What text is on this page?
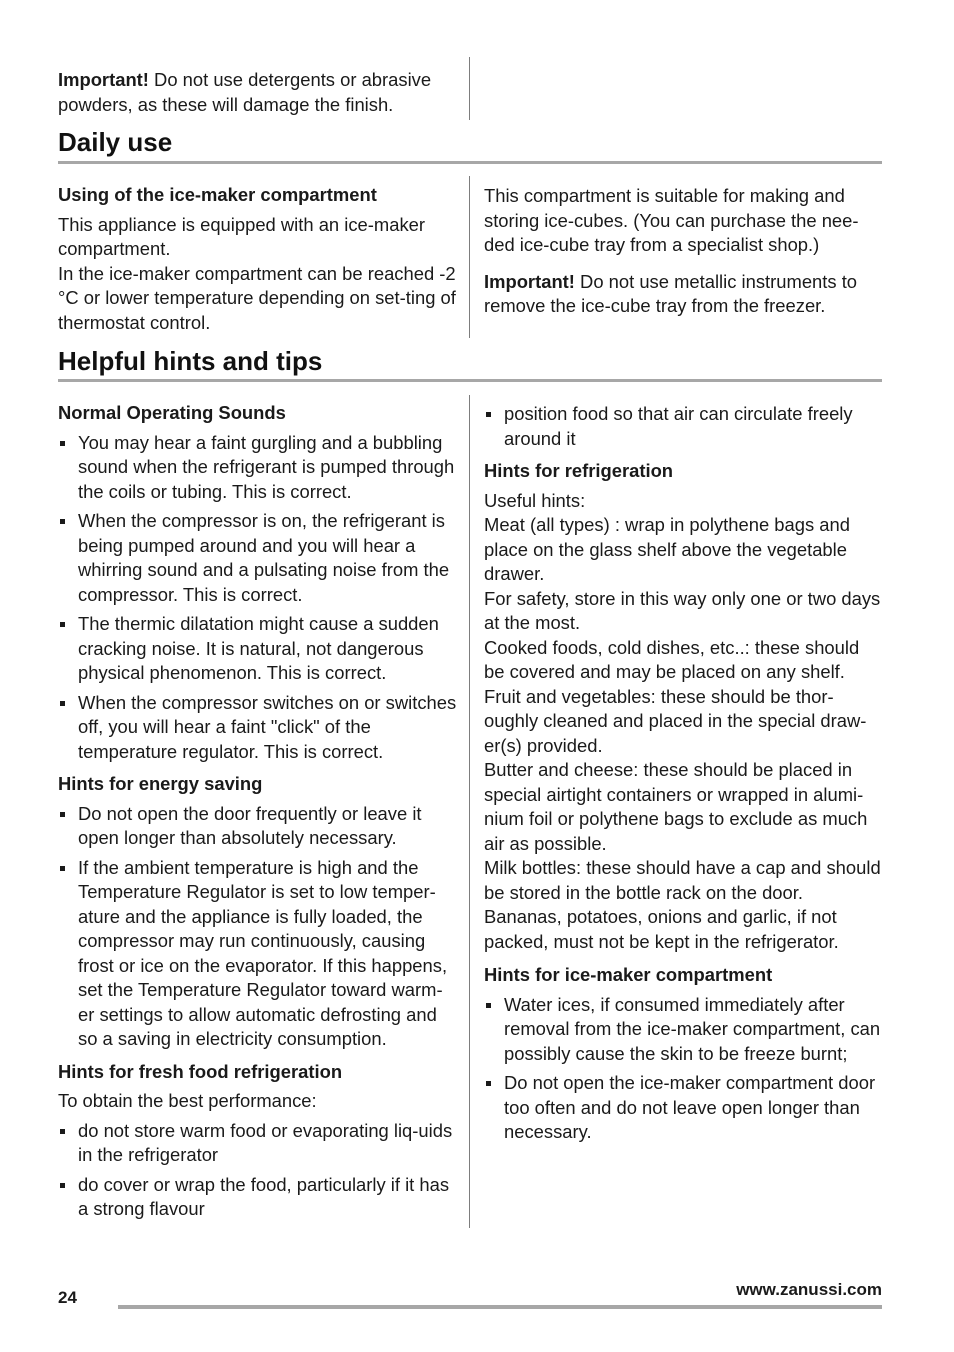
Important! Do not use detergents or abrasive powders, as these will damage the finish.

Daily use

Using of the ice-maker compartment

This appliance is equipped with an ice-maker compartment.

In the ice-maker compartment can be reached -2 °C or lower temperature depending on set-ting of thermostat control.

This compartment is suitable for making and storing ice-cubes. (You can purchase the nee-ded ice-cube tray from a specialist shop.)

Important! Do not use metallic instruments to remove the ice-cube tray from the freezer.

Helpful hints and tips

Normal Operating Sounds

You may hear a faint gurgling and a bubbling sound when the refrigerant is pumped through the coils or tubing. This is correct.
When the compressor is on, the refrigerant is being pumped around and you will hear a whirring sound and a pulsating noise from the compressor. This is correct.
The thermic dilatation might cause a sudden cracking noise. It is natural, not dangerous physical phenomenon. This is correct.
When the compressor switches on or switches off, you will hear a faint "click" of the temperature regulator. This is correct.

Hints for energy saving

Do not open the door frequently or leave it open longer than absolutely necessary.
If the ambient temperature is high and the Temperature Regulator is set to low temper-ature and the appliance is fully loaded, the compressor may run continuously, causing frost or ice on the evaporator. If this happens, set the Temperature Regulator toward warm-er settings to allow automatic defrosting and so a saving in electricity consumption.

Hints for fresh food refrigeration

To obtain the best performance:

do not store warm food or evaporating liq-uids in the refrigerator
do cover or wrap the food, particularly if it has a strong flavour
position food so that air can circulate freely around it

Hints for refrigeration

Useful hints:

Meat (all types) : wrap in polythene bags and place on the glass shelf above the vegetable drawer.

For safety, store in this way only one or two days at the most.

Cooked foods, cold dishes, etc..: these should be covered and may be placed on any shelf.

Fruit and vegetables: these should be thor-oughly cleaned and placed in the special draw-er(s) provided.

Butter and cheese: these should be placed in special airtight containers or wrapped in alumi-nium foil or polythene bags to exclude as much air as possible.

Milk bottles: these should have a cap and should be stored in the bottle rack on the door.

Bananas, potatoes, onions and garlic, if not packed, must not be kept in the refrigerator.

Hints for ice-maker compartment

Water ices, if consumed immediately after removal from the ice-maker compartment, can possibly cause the skin to be freeze burnt;
Do not open the ice-maker compartment door too often and do not leave open longer than necessary.
24	www.zanussi.com
